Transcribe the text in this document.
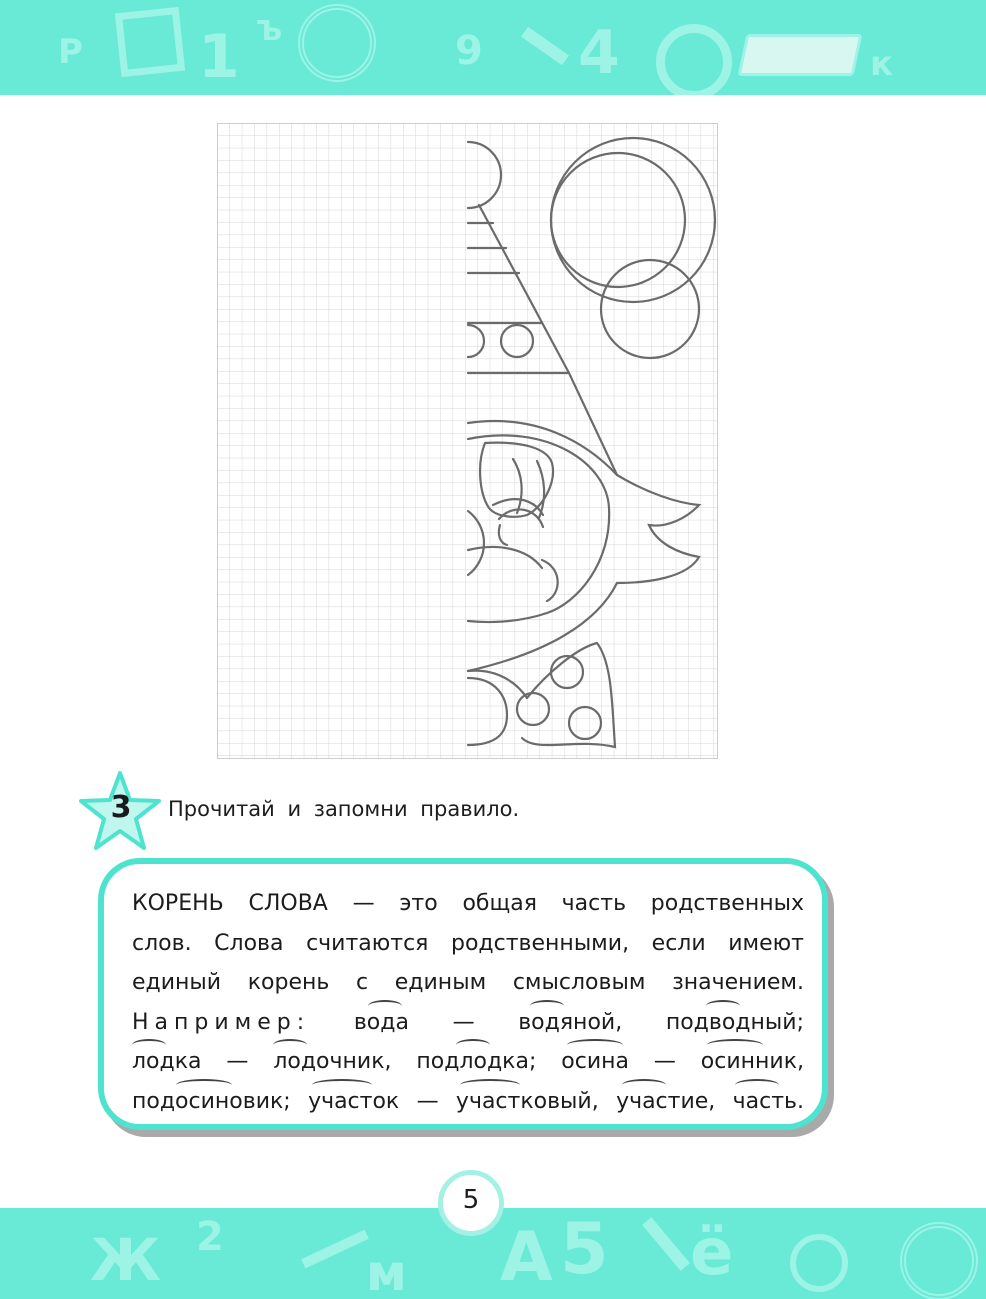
Р 1 Ъ	9 4	к
3 Прочитай и запомни правило.
КОРЕНЬ СЛОВА — это общая часть родственных
слов. Слова считаются родственными, если имеют
единый корень с единым смысловым значением.
Например: вода — водяной, подводный;
лодка — лодочник, подлодка; осина — осинник,
подосиновик; участок — участковый, участие, часть.
Ж 2
м А 5 ё
5
